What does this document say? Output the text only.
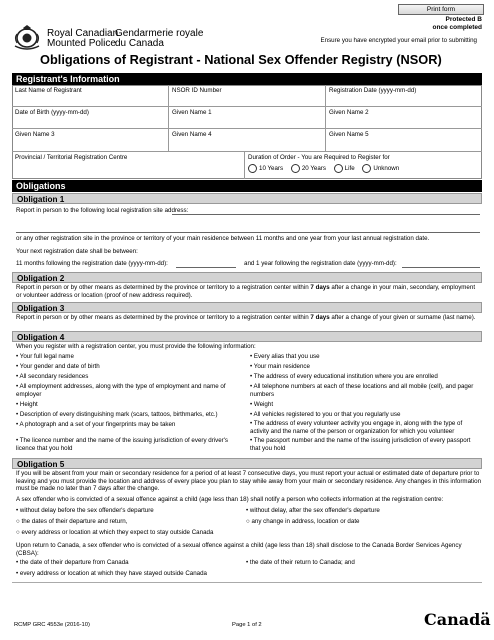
Print form
Protected B
once completed
Royal Canadian
Mounted Police
Gendarmerie royale
du Canada	Ensure you have encrypted your email prior to submitting
Obligations of Registrant - National Sex Offender Registry (NSOR)
Registrant's Information
Last Name of Registrant	NSOR ID Number	Registration Date (yyyy-mm-dd)
Date of Birth (yyyy-mm-dd)	Given Name 1	Given Name 2
Given Name 3	Given Name 4	Given Name 5
Provincial / Territorial Registration Centre	Duration of Order - You are Required to Register for
10 Years
	20 Years
	Life
	Unknown
Obligations
Obligation 1
Report in person to the following local registration site address:
or any other registration site in the province or territory of your main residence between 11 months and one year from your last annual registration date.
Your next registration date shall be between:
11 months following the registration date (yyyy-mm-dd):	and 1 year following the registration date (yyyy-mm-dd):
Obligation 2
Report in person or by other means as determined by the province or territory to a registration center within 7 days after a change in your main, secondary, employment or volunteer address or location (proof of new address required).
Obligation 3
Report in person or by other means as determined by the province or territory to a registration center within 7 days after a change of your given or surname (last name).
Obligation 4
When you register with a registration center, you must provide the following information:
• Your full legal name
• Your gender and date of birth
• All secondary residences
• All employment addresses, along with the type of employment and name of employer
• Height
• Description of every distinguishing mark (scars, tattoos, birthmarks, etc.)
• A photograph and a set of your fingerprints may be taken
• The licence number and the name of the issuing jurisdiction of every driver's licence that you hold
• Every alias that you use
• Your main residence
• The address of every educational institution where you are enrolled
• All telephone numbers at each of these locations and all mobile (cell), and pager numbers
• Weight
• All vehicles registered to you or that you regularly use
• The address of every volunteer activity you engage in, along with the type of activity and the name of the person or organization for which you volunteer
• The passport number and the name of the issuing jurisdiction of every passport that you hold
Obligation 5
If you will be absent from your main or secondary residence for a period of at least 7 consecutive days, you must report your actual or estimated date of departure prior to leaving and you must provide the location and address of every place you plan to stay while away from your main or secondary residence. Any changes in this information must be made no later than 7 days after the change.
A sex offender who is convicted of a sexual offence against a child (age less than 18) shall notify a person who collects information at the registration centre:
• without delay before the sex offender's departure	• without delay, after the sex offender's departure
○ the dates of their departure and return,	○ any change in address, location or date
○ every address or location at which they expect to stay outside Canada
Upon return to Canada, a sex offender who is convicted of a sexual offence against a child (age less than 18) shall disclose to the Canada Border Services Agency (CBSA):
• the date of their departure from Canada	• the date of their return to Canada; and
• every address or location at which they have stayed outside Canada
RCMP GRC 4553e (2016-10)	Page 1 of 2	Canadä
